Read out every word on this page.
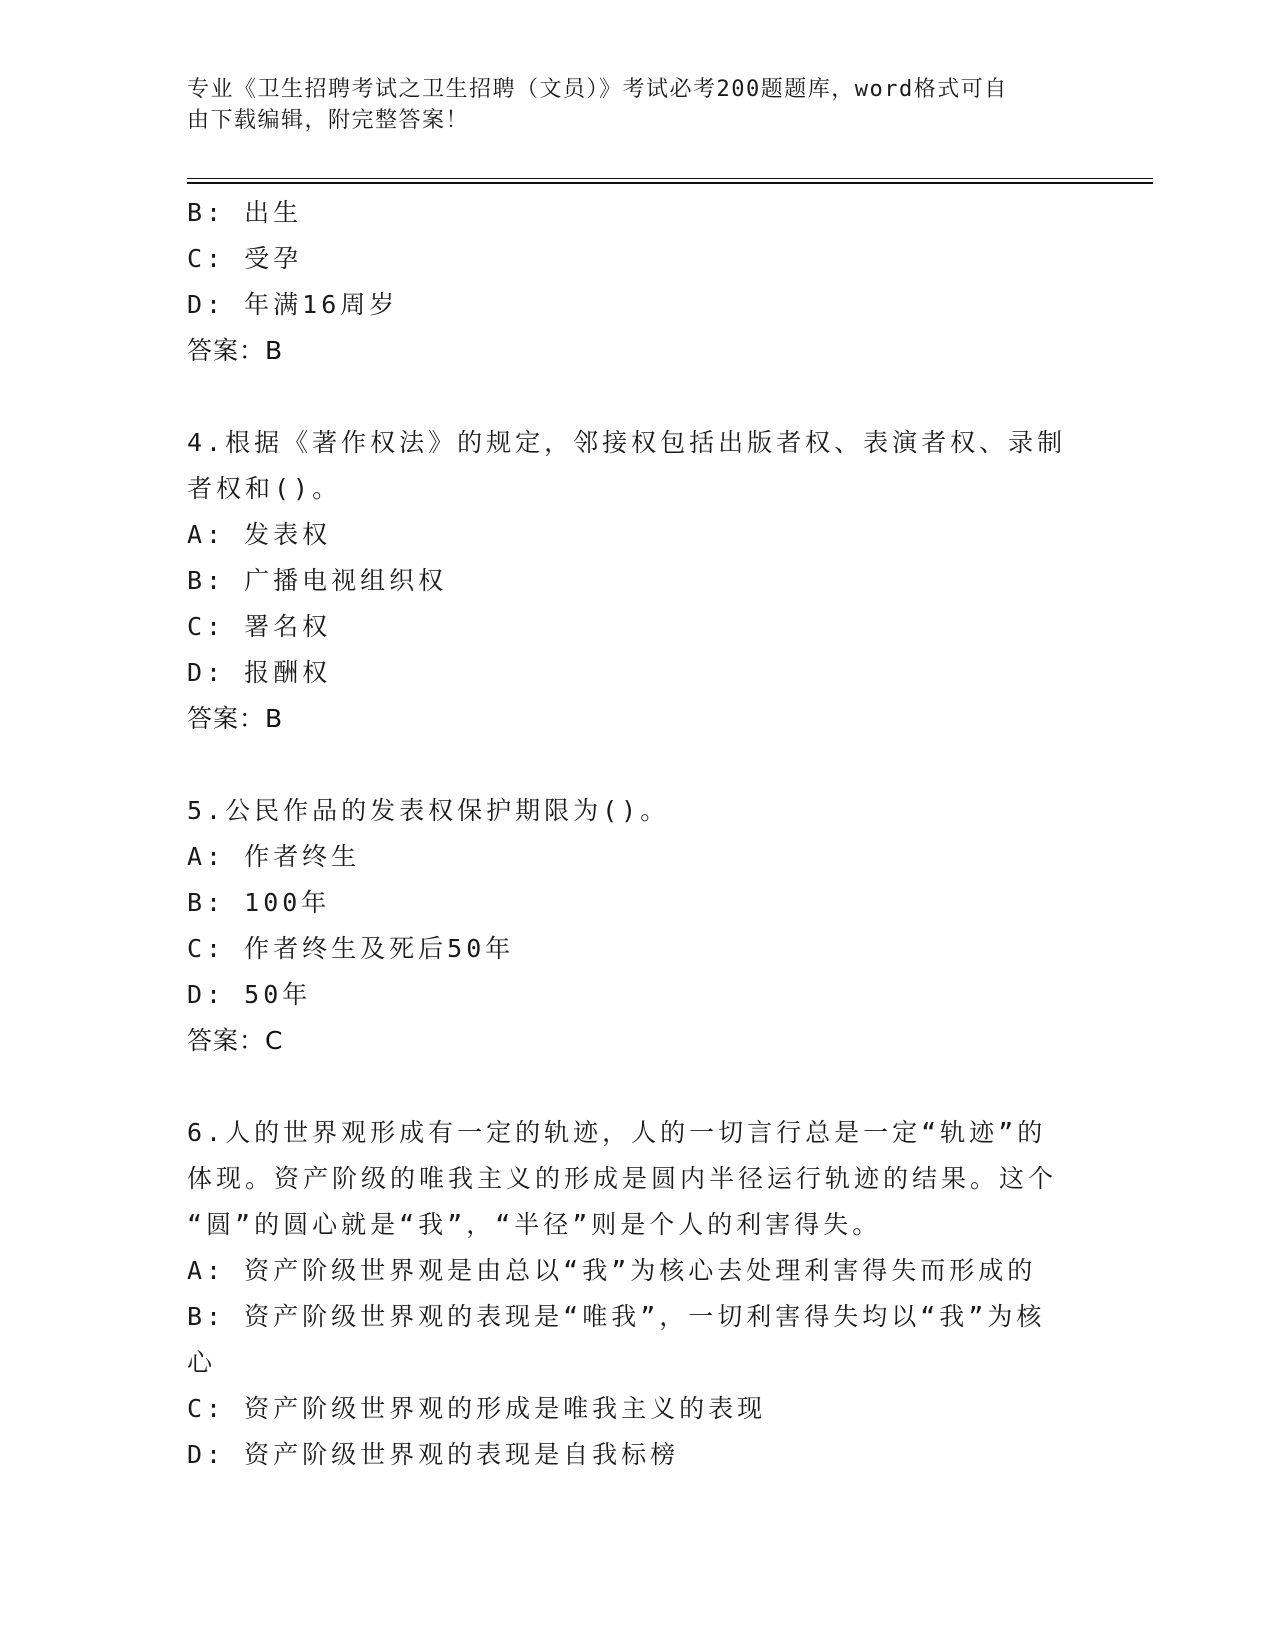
专业《卫生招聘考试之卫生招聘（文员）》考试必考200题题库，word格式可自
由下载编辑，附完整答案！
B: 出生
C: 受孕
D: 年满16周岁
答案：B
4.根据《著作权法》的规定，邻接权包括出版者权、表演者权、录制
者权和()。
A: 发表权
B: 广播电视组织权
C: 署名权
D: 报酬权
答案：B
5.公民作品的发表权保护期限为()。
A: 作者终生
B: 100年
C: 作者终生及死后50年
D: 50年
答案：C
6.人的世界观形成有一定的轨迹，人的一切言行总是一定“轨迹”的
体现。资产阶级的唯我主义的形成是圆内半径运行轨迹的结果。这个
“圆”的圆心就是“我”，“半径”则是个人的利害得失。
A: 资产阶级世界观是由总以“我”为核心去处理利害得失而形成的
B: 资产阶级世界观的表现是“唯我”，一切利害得失均以“我”为核
心
C: 资产阶级世界观的形成是唯我主义的表现
D: 资产阶级世界观的表现是自我标榜
